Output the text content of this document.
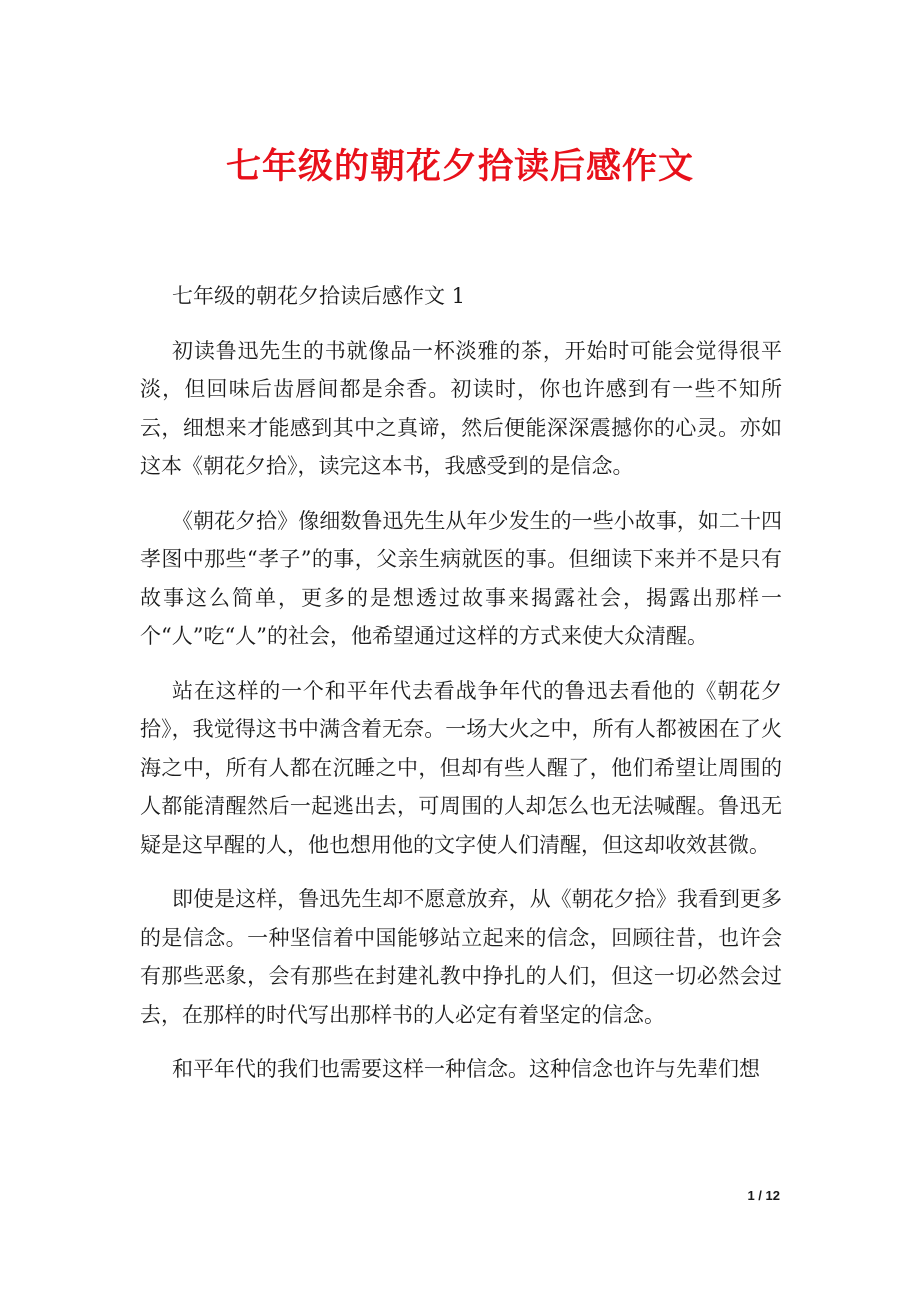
七年级的朝花夕拾读后感作文

七年级的朝花夕拾读后感作文 1

初读鲁迅先生的书就像品一杯淡雅的茶，开始时可能会觉得很平淡，但回味后齿唇间都是余香。初读时，你也许感到有一些不知所云，细想来才能感到其中之真谛，然后便能深深震撼你的心灵。亦如这本《朝花夕拾》，读完这本书，我感受到的是信念。

《朝花夕拾》像细数鲁迅先生从年少发生的一些小故事，如二十四孝图中那些“孝子”的事，父亲生病就医的事。但细读下来并不是只有故事这么简单，更多的是想透过故事来揭露社会，揭露出那样一个“人”吃“人”的社会，他希望通过这样的方式来使大众清醒。

站在这样的一个和平年代去看战争年代的鲁迅去看他的《朝花夕拾》，我觉得这书中满含着无奈。一场大火之中，所有人都被困在了火海之中，所有人都在沉睡之中，但却有些人醒了，他们希望让周围的人都能清醒然后一起逃出去，可周围的人却怎么也无法喊醒。鲁迅无疑是这早醒的人，他也想用他的文字使人们清醒，但这却收效甚微。

即使是这样，鲁迅先生却不愿意放弃，从《朝花夕拾》我看到更多的是信念。一种坚信着中国能够站立起来的信念，回顾往昔，也许会有那些恶象，会有那些在封建礼教中挣扎的人们，但这一切必然会过去，在那样的时代写出那样书的人必定有着坚定的信念。

和平年代的我们也需要这样一种信念。这种信念也许与先辈们想

1 / 12
